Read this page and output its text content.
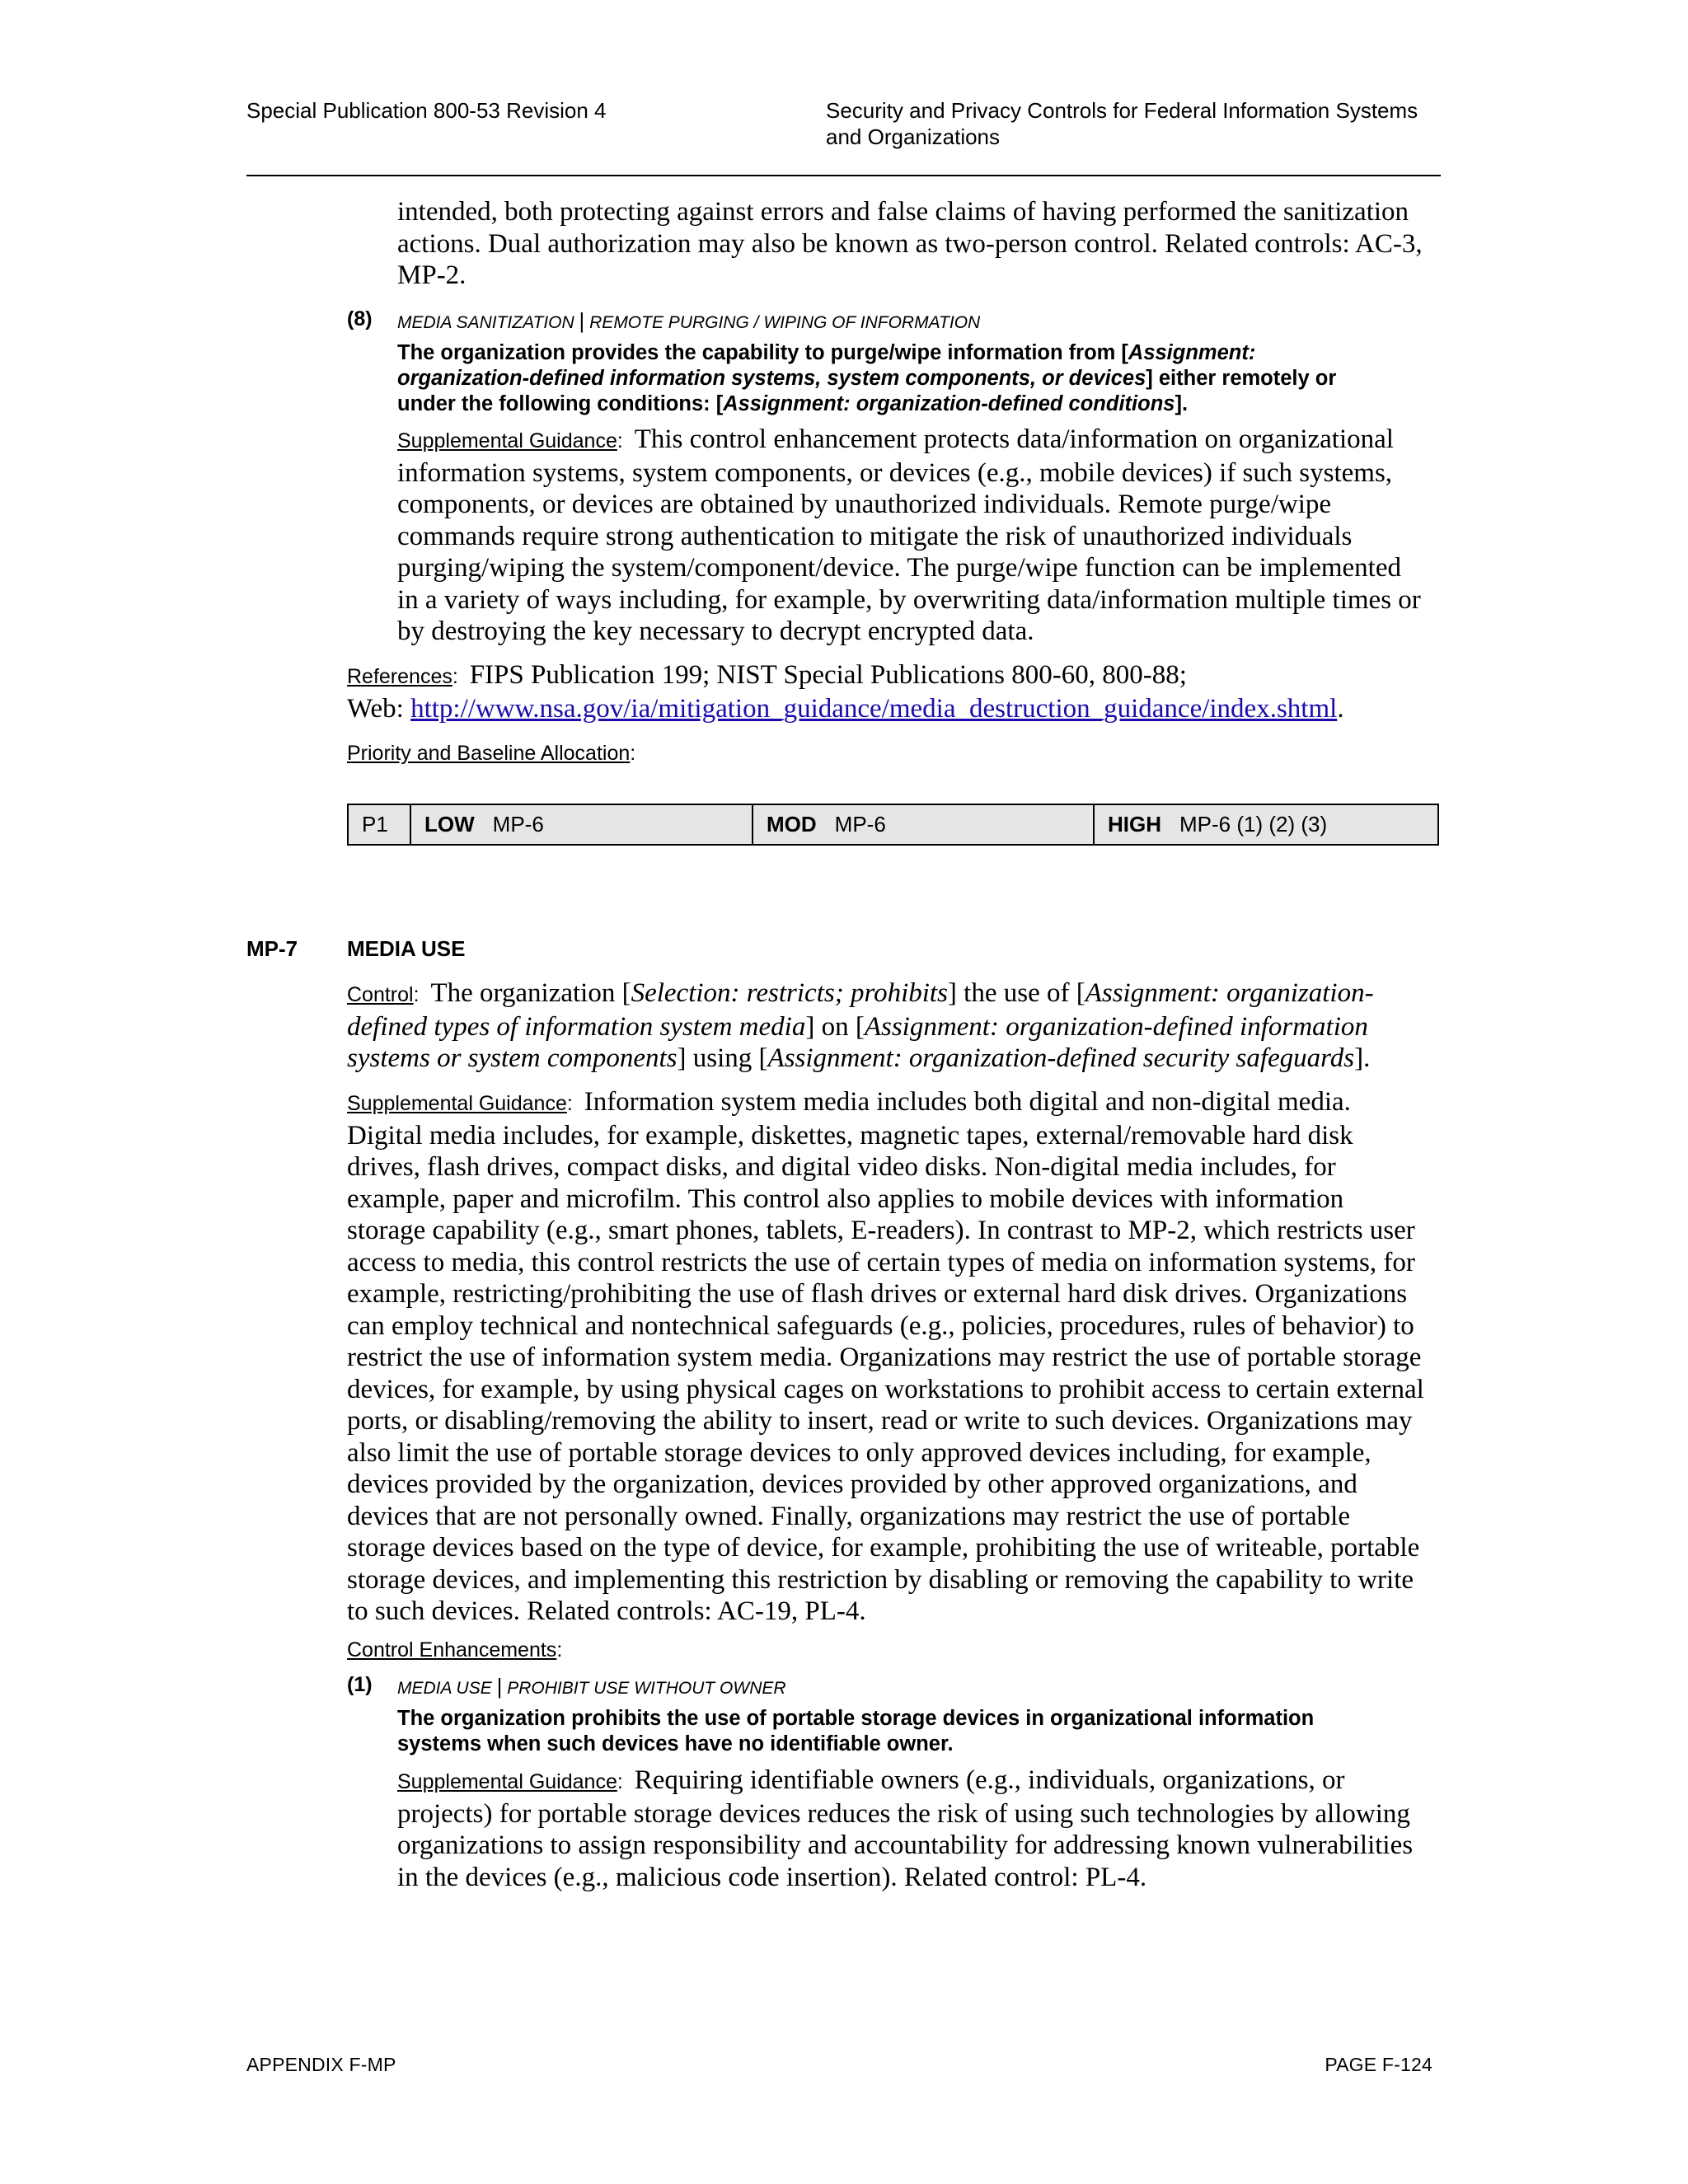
Special Publication 800-53 Revision 4	Security and Privacy Controls for Federal Information Systems
and Organizations
intended, both protecting against errors and false claims of having performed the sanitization
actions. Dual authorization may also be known as two-person control. Related controls: AC-3,
MP-2.
(8) MEDIA SANITIZATION | REMOTE PURGING / WIPING OF INFORMATION
The organization provides the capability to purge/wipe information from [Assignment:
organization-defined information systems, system components, or devices] either remotely or
under the following conditions: [Assignment: organization-defined conditions].
Supplemental Guidance:  This control enhancement protects data/information on organizational
information systems, system components, or devices (e.g., mobile devices) if such systems,
components, or devices are obtained by unauthorized individuals. Remote purge/wipe
commands require strong authentication to mitigate the risk of unauthorized individuals
purging/wiping the system/component/device. The purge/wipe function can be implemented
in a variety of ways including, for example, by overwriting data/information multiple times or
by destroying the key necessary to decrypt encrypted data.
References:  FIPS Publication 199; NIST Special Publications 800-60, 800-88;
Web: http://www.nsa.gov/ia/mitigation_guidance/media_destruction_guidance/index.shtml.
Priority and Baseline Allocation:
P1 LOW MP-6	MOD MP-6	HIGH MP-6 (1) (2) (3)
MP-7 MEDIA USE
Control:  The organization [Selection: restricts; prohibits] the use of [Assignment: organization-
defined types of information system media] on [Assignment: organization-defined information
systems or system components] using [Assignment: organization-defined security safeguards].
Supplemental Guidance:  Information system media includes both digital and non-digital media.
Digital media includes, for example, diskettes, magnetic tapes, external/removable hard disk
drives, flash drives, compact disks, and digital video disks. Non-digital media includes, for
example, paper and microfilm. This control also applies to mobile devices with information
storage capability (e.g., smart phones, tablets, E-readers). In contrast to MP-2, which restricts user
access to media, this control restricts the use of certain types of media on information systems, for
example, restricting/prohibiting the use of flash drives or external hard disk drives. Organizations
can employ technical and nontechnical safeguards (e.g., policies, procedures, rules of behavior) to
restrict the use of information system media. Organizations may restrict the use of portable storage
devices, for example, by using physical cages on workstations to prohibit access to certain external
ports, or disabling/removing the ability to insert, read or write to such devices. Organizations may
also limit the use of portable storage devices to only approved devices including, for example,
devices provided by the organization, devices provided by other approved organizations, and
devices that are not personally owned. Finally, organizations may restrict the use of portable
storage devices based on the type of device, for example, prohibiting the use of writeable, portable
storage devices, and implementing this restriction by disabling or removing the capability to write
to such devices. Related controls: AC-19, PL-4.
Control Enhancements:
(1) MEDIA USE | PROHIBIT USE WITHOUT OWNER
The organization prohibits the use of portable storage devices in organizational information
systems when such devices have no identifiable owner.
Supplemental Guidance:  Requiring identifiable owners (e.g., individuals, organizations, or
projects) for portable storage devices reduces the risk of using such technologies by allowing
organizations to assign responsibility and accountability for addressing known vulnerabilities
in the devices (e.g., malicious code insertion). Related control: PL-4.
APPENDIX F-MP	PAGE F-124
